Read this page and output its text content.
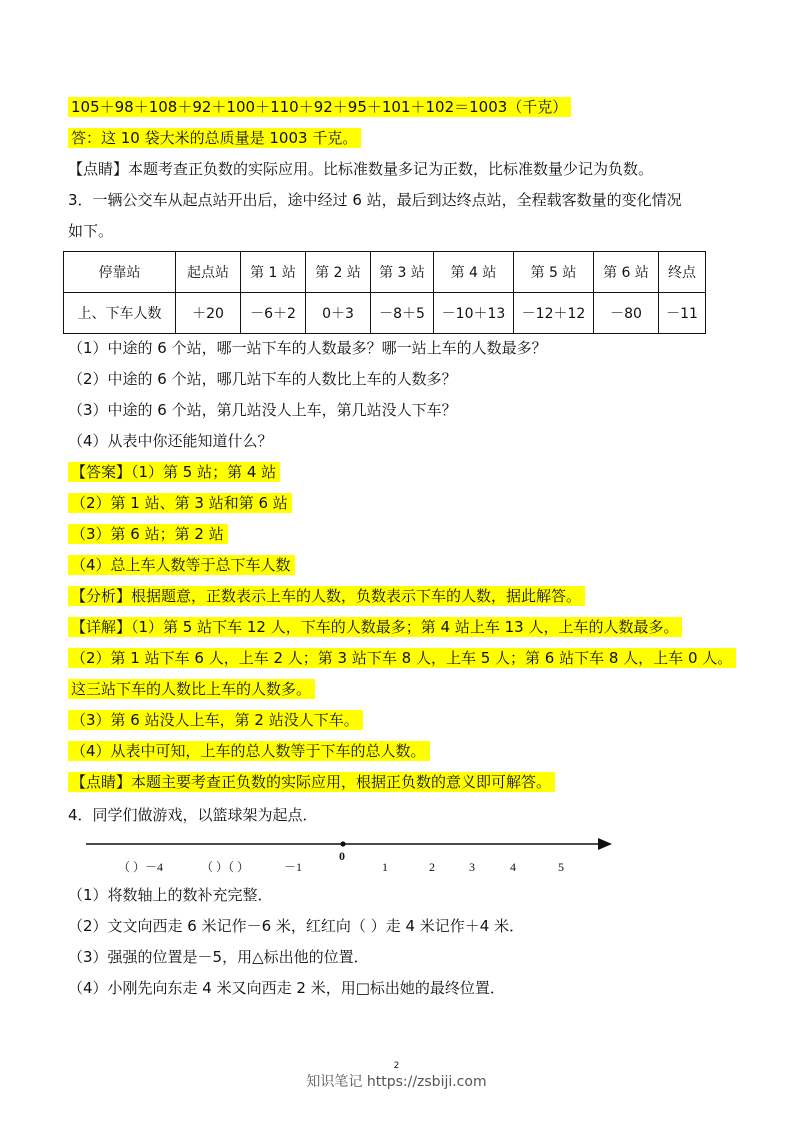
105＋98＋108＋92＋100＋110＋92＋95＋101＋102＝1003（千克）
答：这 10 袋大米的总质量是 1003 千克。
【点睛】本题考查正负数的实际应用。比标准数量多记为正数，比标准数量少记为负数。
3．一辆公交车从起点站开出后，途中经过 6 站，最后到达终点站，全程载客数量的变化情况
如下。
停靠站	起点站	第 1 站	第 2 站	第 3 站	第 4 站	第 5 站	第 6 站	终点
上、下车人数	＋20	－6＋2	0＋3	－8＋5	－10＋13	－12＋12	－80	－11
（1）中途的 6 个站，哪一站下车的人数最多？哪一站上车的人数最多？
（2）中途的 6 个站，哪几站下车的人数比上车的人数多？
（3）中途的 6 个站，第几站没人上车，第几站没人下车？
（4）从表中你还能知道什么？
【答案】（1）第 5 站；第 4 站
（2）第 1 站、第 3 站和第 6 站
（3）第 6 站；第 2 站
（4）总上车人数等于总下车人数
【分析】根据题意，正数表示上车的人数，负数表示下车的人数，据此解答。
【详解】（1）第 5 站下车 12 人，下车的人数最多；第 4 站上车 13 人，上车的人数最多。
（2）第 1 站下车 6 人，上车 2 人；第 3 站下车 8 人，上车 5 人；第 6 站下车 8 人，上车 0 人。
这三站下车的人数比上车的人数多。
（3）第 6 站没人上车，第 2 站没人下车。
（4）从表中可知，上车的总人数等于下车的总人数。
【点睛】本题主要考查正负数的实际应用，根据正负数的意义即可解答。
4．同学们做游戏，以篮球架为起点．
（ ）－4	（ ）（ ）	－1
0
1	2	3	4	5
（1）将数轴上的数补充完整．
（2）文文向西走 6 米记作－6 米，红红向（ ）走 4 米记作＋4 米．
（3）强强的位置是－5，用△标出他的位置．
（4）小刚先向东走 4 米又向西走 2 米，用□标出她的最终位置．
2
知识笔记 https://zsbiji.com
